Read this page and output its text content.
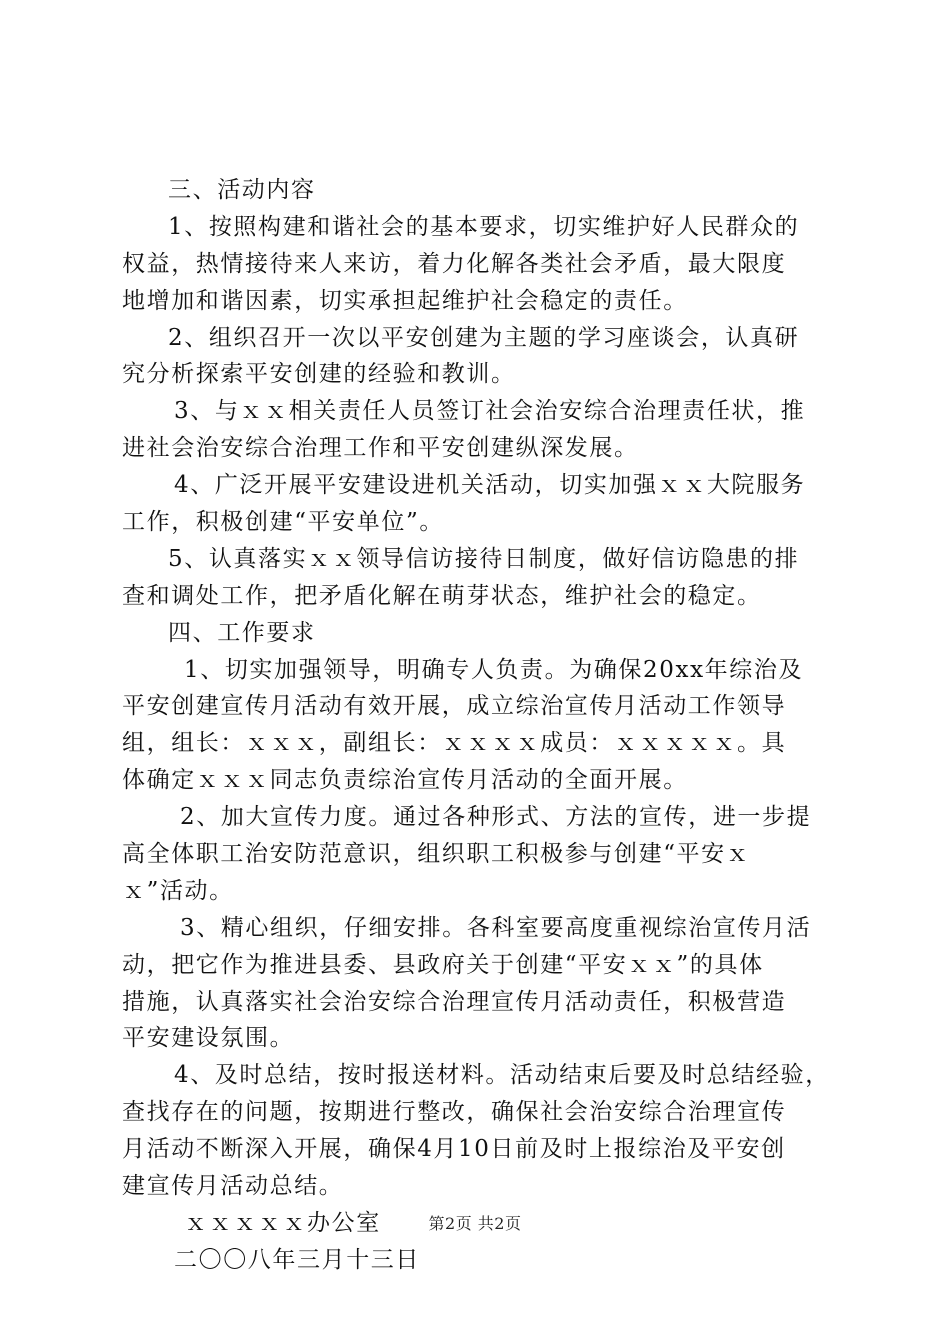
三、活动内容
1、按照构建和谐社会的基本要求，切实维护好人民群众的
权益，热情接待来人来访，着力化解各类社会矛盾，最大限度
地增加和谐因素，切实承担起维护社会稳定的责任。
2、组织召开一次以平安创建为主题的学习座谈会，认真研
究分析探索平安创建的经验和教训。
3、与ｘｘ相关责任人员签订社会治安综合治理责任状，推
进社会治安综合治理工作和平安创建纵深发展。
4、广泛开展平安建设进机关活动，切实加强ｘｘ大院服务
工作，积极创建“平安单位”。
5、认真落实ｘｘ领导信访接待日制度，做好信访隐患的排
查和调处工作，把矛盾化解在萌芽状态，维护社会的稳定。
四、工作要求
1、切实加强领导，明确专人负责。为确保20xx年综治及
平安创建宣传月活动有效开展，成立综治宣传月活动工作领导
组，组长：ｘｘｘ，副组长：ｘｘｘｘ成员：ｘｘｘｘｘ。具
体确定ｘｘｘ同志负责综治宣传月活动的全面开展。
2、加大宣传力度。通过各种形式、方法的宣传，进一步提
高全体职工治安防范意识，组织职工积极参与创建“平安ｘ
ｘ”活动。
3、精心组织，仔细安排。各科室要高度重视综治宣传月活
动，把它作为推进县委、县政府关于创建“平安ｘｘ”的具体
措施，认真落实社会治安综合治理宣传月活动责任，积极营造
平安建设氛围。
4、及时总结，按时报送材料。活动结束后要及时总结经验，
查找存在的问题，按期进行整改，确保社会治安综合治理宣传
月活动不断深入开展，确保4月10日前及时上报综治及平安创
建宣传月活动总结。
ｘｘｘｘｘ办公室
二〇〇八年三月十三日
第2页 共2页
